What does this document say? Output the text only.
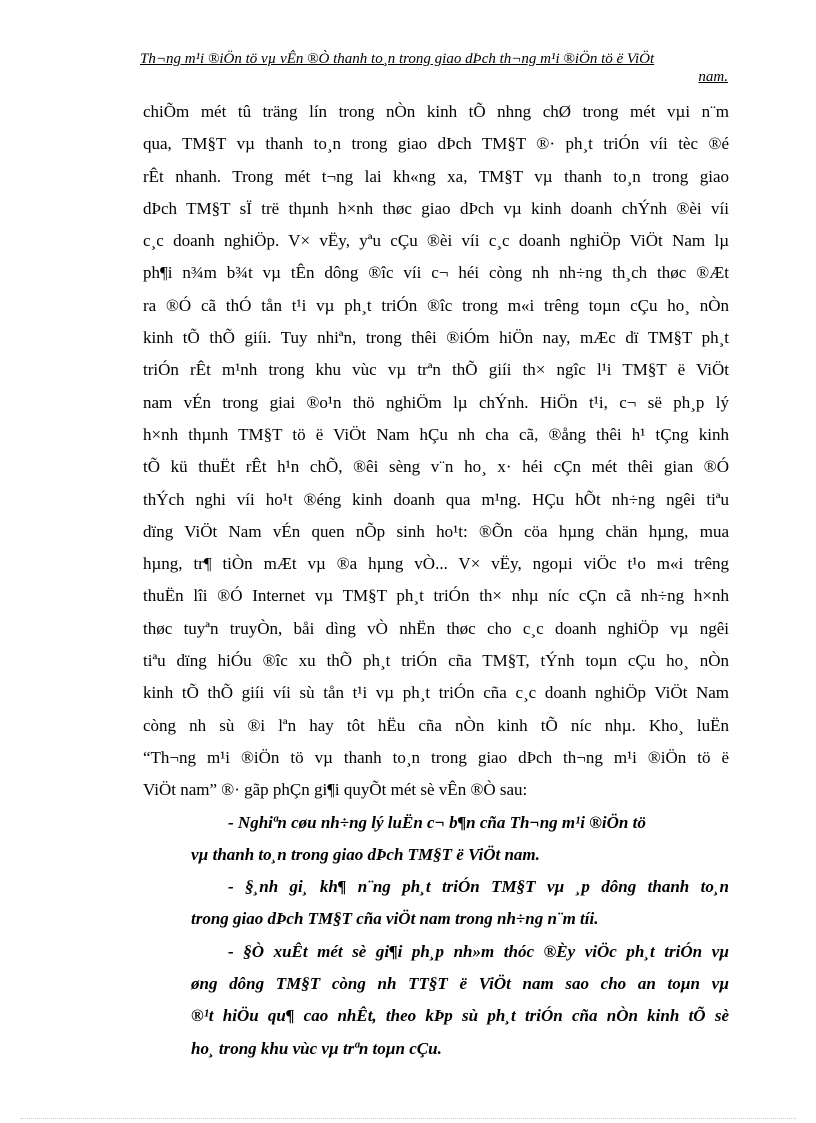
Th¬ng m¹i ®iÖn tö vµ vÊn ®Ò thanh to¸n trong giao dÞch th¬ng m¹i ®iÖn tö ë ViÖt
nam.
chiÕm mét tû träng lín trong nÒn kinh tÕ nhng chØ trong mét vµi n¨m
qua, TM§T vµ thanh to¸n trong giao dÞch TM§T ®· ph¸t triÓn víi tèc ®é
rÊt nhanh. Trong mét t¬ng lai kh«ng xa, TM§T vµ thanh to¸n trong giao
dÞch TM§T sÏ trë thµnh h×nh thøc giao dÞch vµ kinh doanh chÝnh ®èi víi
c¸c doanh nghiÖp. V× vËy, yªu cÇu ®èi víi c¸c doanh nghiÖp ViÖt Nam lµ
ph¶i n¾m b¾t vµ tÊn dông ®îc víi c¬ héi còng nh nh÷ng th¸ch thøc ®Æt
ra ®Ó cã thÓ tån t¹i vµ ph¸t triÓn ®îc trong m«i trêng toµn cÇu ho¸ nÒn
kinh tÕ thÕ giíi. Tuy nhiªn, trong thêi ®iÓm hiÖn nay, mÆc dï TM§T ph¸t
triÓn rÊt m¹nh trong khu vùc vµ trªn thÕ giíi th× ngîc l¹i TM§T ë ViÖt
nam vÉn trong giai ®o¹n thö nghiÖm lµ chÝnh. HiÖn t¹i, c¬ së ph¸p lý
h×nh thµnh TM§T tö ë ViÖt Nam hÇu nh cha cã, ®ång thêi h¹ tÇng kinh
tÕ kü thuËt rÊt h¹n chÕ, ®êi sèng v¨n ho¸ x· héi cÇn mét thêi gian ®Ó
thÝch nghi víi ho¹t ®éng kinh doanh qua m¹ng. HÇu hÕt nh÷ng ngêi tiªu
dïng ViÖt Nam vÉn quen nÕp sinh ho¹t: ®Õn cöa hµng chän hµng, mua
hµng, tr¶ tiÒn mÆt vµ ®a hµng vÒ... V× vËy, ngoµi viÖc t¹o m«i trêng
thuËn lîi ®Ó Internet vµ TM§T ph¸t triÓn th× nhµ níc cÇn cã nh÷ng h×nh
thøc tuyªn truyÒn, båi dìng vÒ nhËn thøc cho c¸c doanh nghiÖp vµ ngêi
tiªu dïng hiÓu ®îc xu thÕ ph¸t triÓn cña TM§T, tÝnh toµn cÇu ho¸ nÒn
kinh tÕ thÕ giíi víi sù tån t¹i vµ ph¸t triÓn cña c¸c doanh nghiÖp ViÖt Nam
còng nh sù ®i lªn hay tôt hËu cña nÒn kinh tÕ níc nhµ. Kho¸ luËn
“Th¬ng m¹i ®iÖn tö vµ thanh to¸n trong giao dÞch th¬ng m¹i ®iÖn tö ë
ViÖt nam” ®· gãp phÇn gi¶i quyÕt mét sè vÊn ®Ò sau:
- Nghiªn cøu nh÷ng lý luËn c¬ b¶n cña Th¬ng m¹i ®iÖn tö
vµ thanh to¸n trong giao dÞch TM§T ë ViÖt nam.
- §¸nh gi¸ kh¶ n¨ng ph¸t triÓn TM§T vµ ¸p dông thanh to¸n
trong giao dÞch TM§T cña viÖt nam trong nh÷ng n¨m tíi.
- §Ò xuÊt mét sè gi¶i ph¸p nh»m thóc ®Èy viÖc ph¸t triÓn vµ
øng dông TM§T còng nh TT§T ë ViÖt nam sao cho an toµn vµ
®¹t hiÖu qu¶ cao nhÊt, theo kÞp sù ph¸t triÓn cña nÒn kinh tÕ sè
ho¸ trong khu vùc vµ trªn toµn cÇu.
